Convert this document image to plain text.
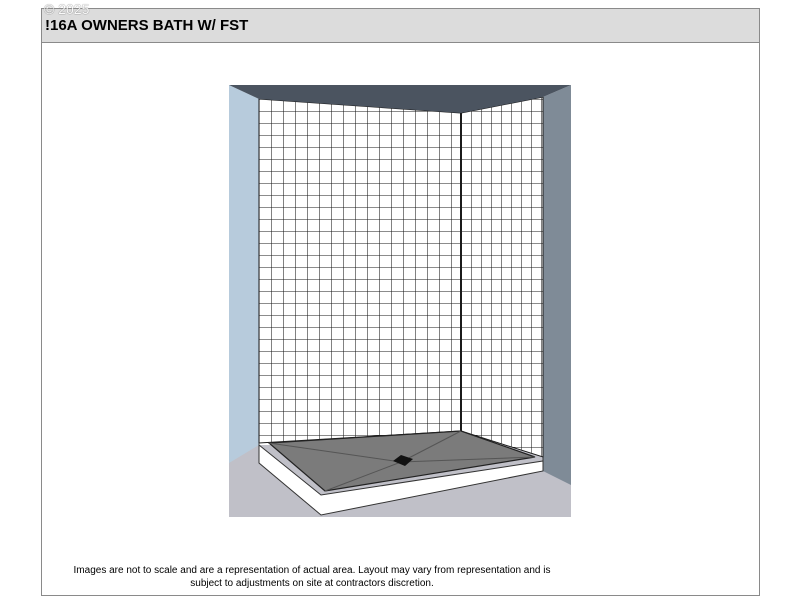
!16A OWNERS BATH W/ FST
© 2025
Images are not to scale and are a representation of actual area. Layout may vary from representation and is
subject to adjustments on site at contractors discretion.
